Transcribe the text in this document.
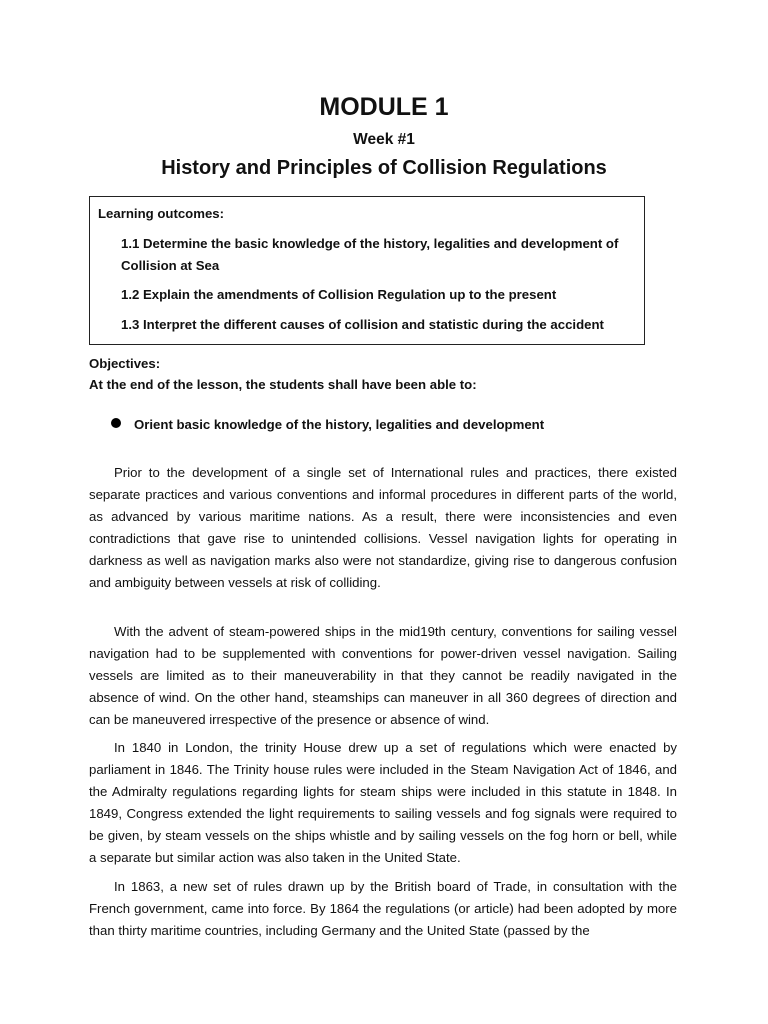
MODULE 1
Week #1
History and Principles of Collision Regulations
Learning outcomes:
1.1 Determine the basic knowledge of the history, legalities and development of Collision at Sea
1.2 Explain the amendments of Collision Regulation up to the present
1.3 Interpret the different causes of collision and statistic during the accident
Objectives:
At the end of the lesson, the students shall have been able to:
Orient basic knowledge of the history, legalities and development

Prior to the development of a single set of International rules and practices, there existed separate practices and various conventions and informal procedures in different parts of the world, as advanced by various maritime nations. As a result, there were inconsistencies and even contradictions that gave rise to unintended collisions. Vessel navigation lights for operating in darkness as well as navigation marks also were not standardize, giving rise to dangerous confusion and ambiguity between vessels at risk of colliding.

With the advent of steam-powered ships in the mid19th century, conventions for sailing vessel navigation had to be supplemented with conventions for power-driven vessel navigation. Sailing vessels are limited as to their maneuverability in that they cannot be readily navigated in the absence of wind. On the other hand, steamships can maneuver in all 360 degrees of direction and can be maneuvered irrespective of the presence or absence of wind.

In 1840 in London, the trinity House drew up a set of regulations which were enacted by parliament in 1846. The Trinity house rules were included in the Steam Navigation Act of 1846, and the Admiralty regulations regarding lights for steam ships were included in this statute in 1848. In 1849, Congress extended the light requirements to sailing vessels and fog signals were required to be given, by steam vessels on the ships whistle and by sailing vessels on the fog horn or bell, while a separate but similar action was also taken in the United State.

In 1863, a new set of rules drawn up by the British board of Trade, in consultation with the French government, came into force. By 1864 the regulations (or article) had been adopted by more than thirty maritime countries, including Germany and the United State (passed by the
